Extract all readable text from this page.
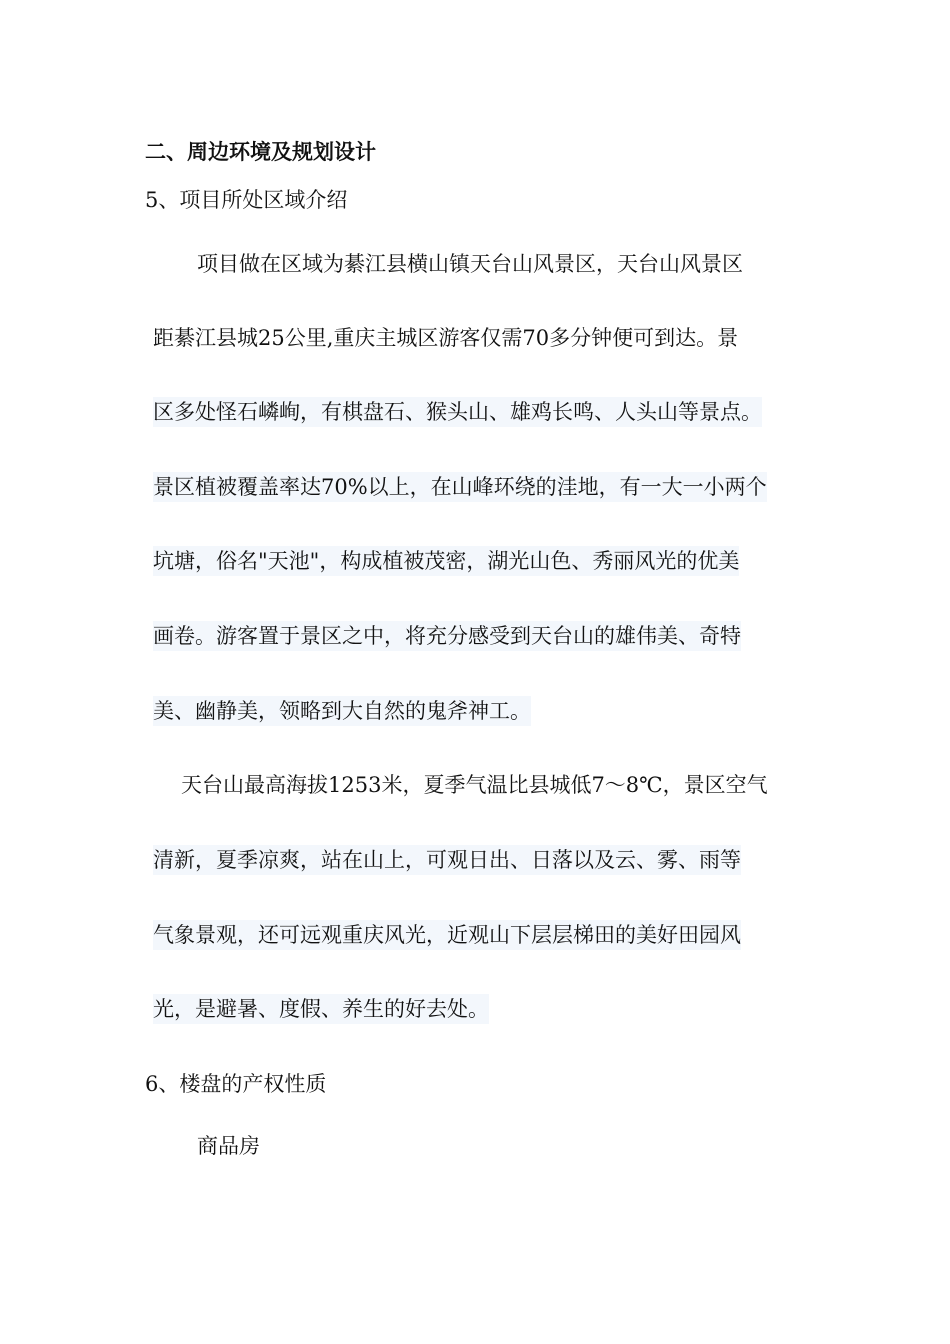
二、周边环境及规划设计
5、项目所处区域介绍
项目做在区域为綦江县横山镇天台山风景区，天台山风景区
距綦江县城25公里,重庆主城区游客仅需70多分钟便可到达。景
区多处怪石嶙峋，有棋盘石、猴头山、雄鸡长鸣、人头山等景点。
景区植被覆盖率达70%以上，在山峰环绕的洼地，有一大一小两个
坑塘，俗名"天池"，构成植被茂密，湖光山色、秀丽风光的优美
画卷。游客置于景区之中，将充分感受到天台山的雄伟美、奇特
美、幽静美，领略到大自然的鬼斧神工。
天台山最高海拔1253米，夏季气温比县城低7～8℃，景区空气
清新，夏季凉爽，站在山上，可观日出、日落以及云、雾、雨等
气象景观，还可远观重庆风光，近观山下层层梯田的美好田园风
光，是避暑、度假、养生的好去处。
6、楼盘的产权性质
商品房
